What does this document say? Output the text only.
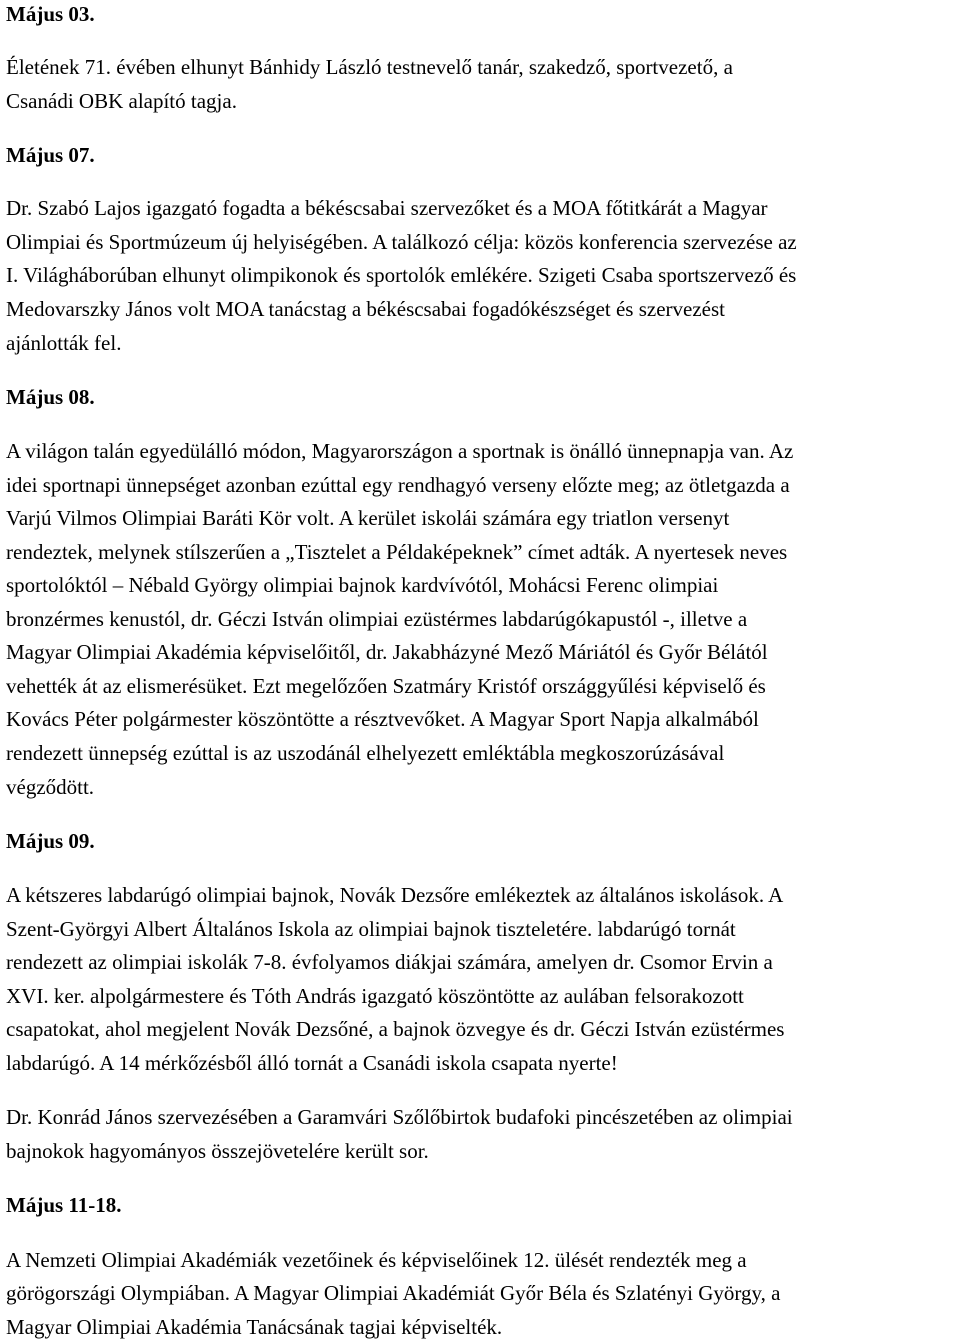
Május 03.
Életének 71. évében elhunyt Bánhidy László testnevelő tanár, szakedző, sportvezető, a
Csanádi OBK alapító tagja.
Május 07.
Dr. Szabó Lajos igazgató fogadta a békéscsabai szervezőket és a MOA főtitkárát a Magyar
Olimpiai és Sportmúzeum új helyiségében. A találkozó célja: közös konferencia szervezése az
I. Világháborúban elhunyt olimpikonok és sportolók emlékére. Szigeti Csaba sportszervező és
Medovarszky János volt MOA tanácstag a békéscsabai fogadókészséget és szervezést
ajánlották fel.
Május 08.
A világon talán egyedülálló módon, Magyarországon a sportnak is önálló ünnepnapja van. Az
idei sportnapi ünnepséget azonban ezúttal egy rendhagyó verseny előzte meg; az ötletgazda a
Varjú Vilmos Olimpiai Baráti Kör volt. A kerület iskolái számára egy triatlon versenyt
rendeztek, melynek stílszerűen a „Tisztelet a Példaképeknek” címet adták. A nyertesek neves
sportolóktól – Nébald György olimpiai bajnok kardvívótól, Mohácsi Ferenc olimpiai
bronzérmes kenustól, dr. Géczi István olimpiai ezüstérmes labdarúgókapustól -, illetve a
Magyar Olimpiai Akadémia képviselőitől, dr. Jakabházyné Mező Máriától és Győr Bélától
vehették át az elismerésüket. Ezt megelőzően Szatmáry Kristóf országgyűlési képviselő és
Kovács Péter polgármester köszöntötte a résztvevőket. A Magyar Sport Napja alkalmából
rendezett ünnepség ezúttal is az uszodánál elhelyezett emléktábla megkoszorúzásával
végződött.
Május 09.
A kétszeres labdarúgó olimpiai bajnok, Novák Dezsőre emlékeztek az általános iskolások. A
Szent-Györgyi Albert Általános Iskola az olimpiai bajnok tiszteletére. labdarúgó tornát
rendezett az olimpiai iskolák 7-8. évfolyamos diákjai számára, amelyen dr. Csomor Ervin a
XVI. ker. alpolgármestere és Tóth András igazgató köszöntötte az aulában felsorakozott
csapatokat, ahol megjelent Novák Dezsőné, a bajnok özvegye és dr. Géczi István ezüstérmes
labdarúgó. A 14 mérkőzésből álló tornát a Csanádi iskola csapata nyerte!
Dr. Konrád János szervezésében a Garamvári Szőlőbirtok budafoki pincészetében az olimpiai
bajnokok hagyományos összejövetelére került sor.
Május 11-18.
A Nemzeti Olimpiai Akadémiák vezetőinek és képviselőinek 12. ülését rendezték meg a
görögországi Olympiában. A Magyar Olimpiai Akadémiát Győr Béla és Szlatényi György, a
Magyar Olimpiai Akadémia Tanácsának tagjai képviselték.
